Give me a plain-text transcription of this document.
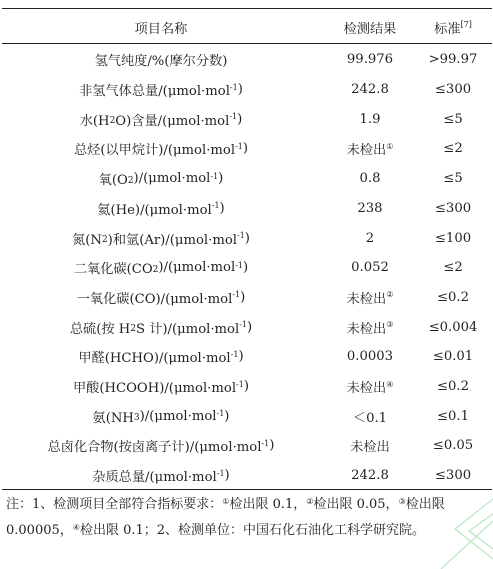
项目名称	检测结果	标准[7]
氢气纯度/%(摩尔分数)	99.976	>99.97
非氢气体总量/(μmol·mol$^{-1}$ )	242.8	≤300
水($H_2$ O)含量/(μmol·mol$^{-1}$ )	1.9	≤5
总烃(以甲烷计)/(μmol·mol$^{-1}$ )	未检出①	≤2
氧($O_2$ )/(μmol·mol$^{-1}$ )	0.8	≤5
氦(He)/(μmol·mol$^{-1}$ )	238	≤300
氮($N_2$ )和氩(Ar)/(μmol·mol$^{-1}$ )	2	≤100
二氧化碳($CO_2$ )/(μmol·mol$^{-1}$ )	0.052	≤2
一氧化碳(CO)/(μmol·mol$^{-1}$ )	未检出②	≤0.2
总硫(按 $H_2$ S 计)/(μmol·mol$^{-1}$ )	未检出③	≤0.004
甲醛(HCHO)/(μmol·mol$^{-1}$ )	0.0003	≤0.01
甲酸(HCOOH)/(μmol·mol$^{-1}$ )	未检出④	≤0.2
氨($NH_3$ )/(μmol·mol$^{-1}$ )	＜0.1	≤0.1
总卤化合物(按卤离子计)/(μmol·mol$^{-1}$ )	未检出	≤0.05
杂质总量/(μmol·mol$^{-1}$ )	242.8	≤300
注：1、检测项目全部符合指标要求：①检出限 0.1，②检出限 0.05，③检出限 0.00005，④检出限 0.1；2、检测单位：中国石化石油化工科学研究院。
